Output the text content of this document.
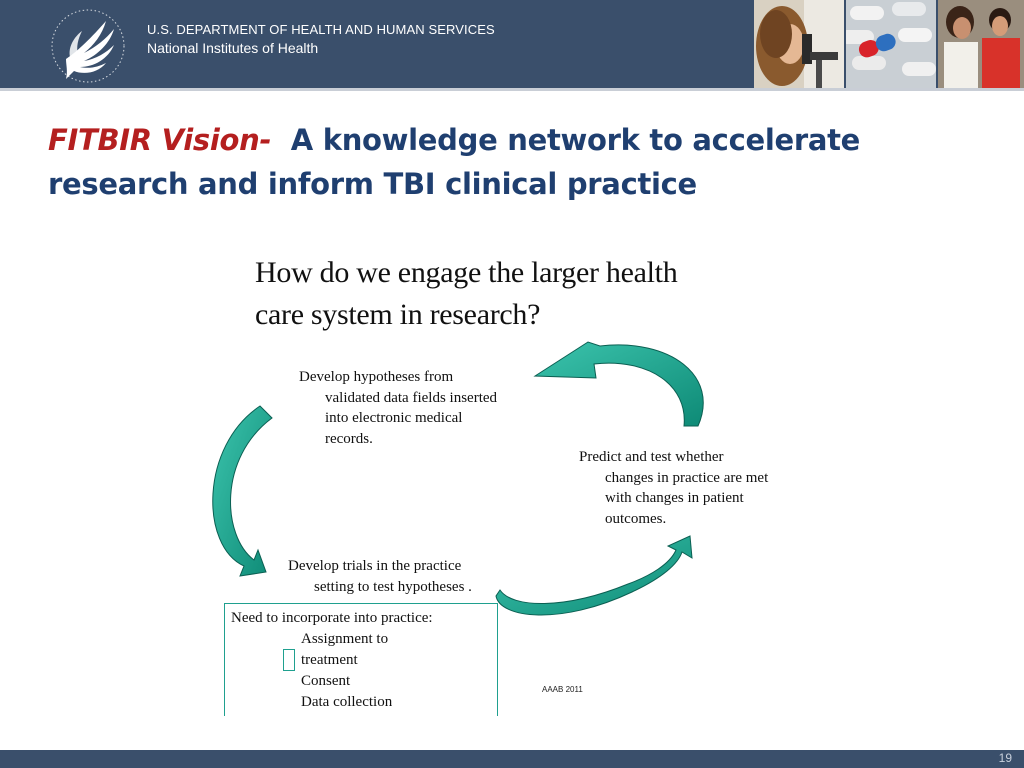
U.S. DEPARTMENT OF HEALTH AND HUMAN SERVICES
National Institutes of Health
FITBIR Vision- A knowledge network to accelerate
research and inform TBI clinical practice
How do we engage the larger health
care system in research?
Develop hypotheses from
validated data fields inserted
into electronic medical
records.
Predict and test whether
changes in practice are met
with changes in patient
outcomes.
Develop trials in the practice
setting to test hypotheses .
Need to incorporate into practice:
Assignment to
treatment
Consent
Data collection
AAAB 2011
19
